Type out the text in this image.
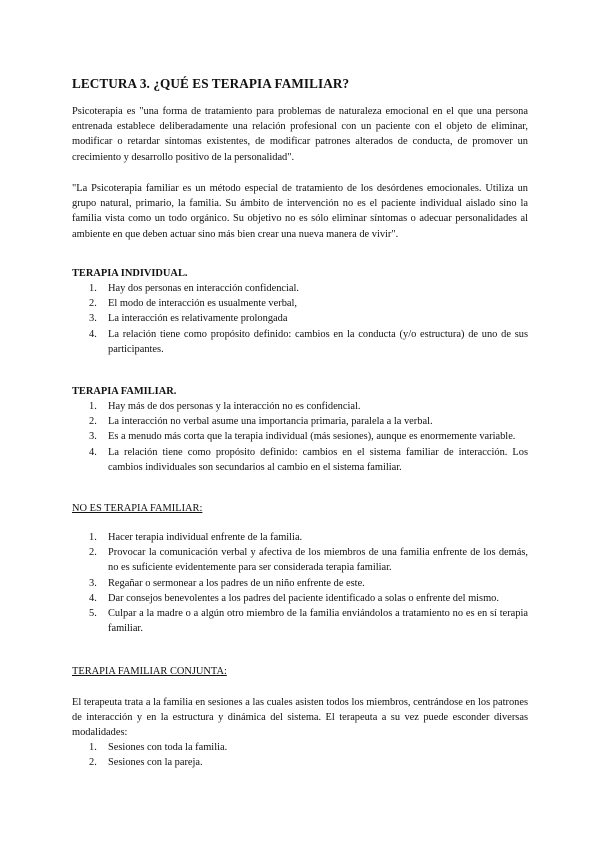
LECTURA 3. ¿QUÉ ES TERAPIA FAMILIAR?

Psicoterapia es "una forma de tratamiento para problemas de naturaleza emocional en el que una persona entrenada establece deliberadamente una relación profesional con un paciente con el objeto de eliminar, modificar o retardar síntomas existentes, de modificar patrones alterados de conducta, de promover un crecimiento y desarrollo positivo de la personalidad".

"La Psicoterapia familiar es un método especial de tratamiento de los desórdenes emocionales. Utiliza un grupo natural, primario, la familia. Su ámbito de intervención no es el paciente individual aislado sino la familia vista como un todo orgánico. Su objetivo no es sólo eliminar síntomas o adecuar personalidades al ambiente en que deben actuar sino más bien crear una nueva manera de vivir".

TERAPIA INDIVIDUAL.
1. Hay dos personas en interacción confidencial.
2. El modo de interacción es usualmente verbal,
3. La interacción es relativamente prolongada
4. La relación tiene como propósito definido: cambios en la conducta (y/o estructura) de uno de sus participantes.
TERAPIA FAMILIAR.
1. Hay más de dos personas y la interacción no es confidencial.
2. La interacción no verbal asume una importancia primaria, paralela a la verbal.
3. Es a menudo más corta que la terapia individual (más sesiones), aunque es enormemente variable.
4. La relación tiene como propósito definido: cambios en el sistema familiar de interacción. Los cambios individuales son secundarios al cambio en el sistema familiar.
NO ES TERAPIA FAMILIAR:
1. Hacer terapia individual enfrente de la familia.
2. Provocar la comunicación verbal y afectiva de los miembros de una familia enfrente de los demás, no es suficiente evidentemente para ser considerada terapia familiar.
3. Regañar o sermonear a los padres de un niño enfrente de este.
4. Dar consejos benevolentes a los padres del paciente identificado a solas o enfrente del mismo.
5. Culpar a la madre o a algún otro miembro de la familia enviándolos a tratamiento no es en sí terapia familiar.
TERAPIA FAMILIAR CONJUNTA:

El terapeuta trata a la familia en sesiones a las cuales asisten todos los miembros, centrándose en los patrones de interacción y en la estructura y dinámica del sistema. El terapeuta a su vez puede esconder diversas modalidades:

1. Sesiones con toda la familia.
2. Sesiones con la pareja.
